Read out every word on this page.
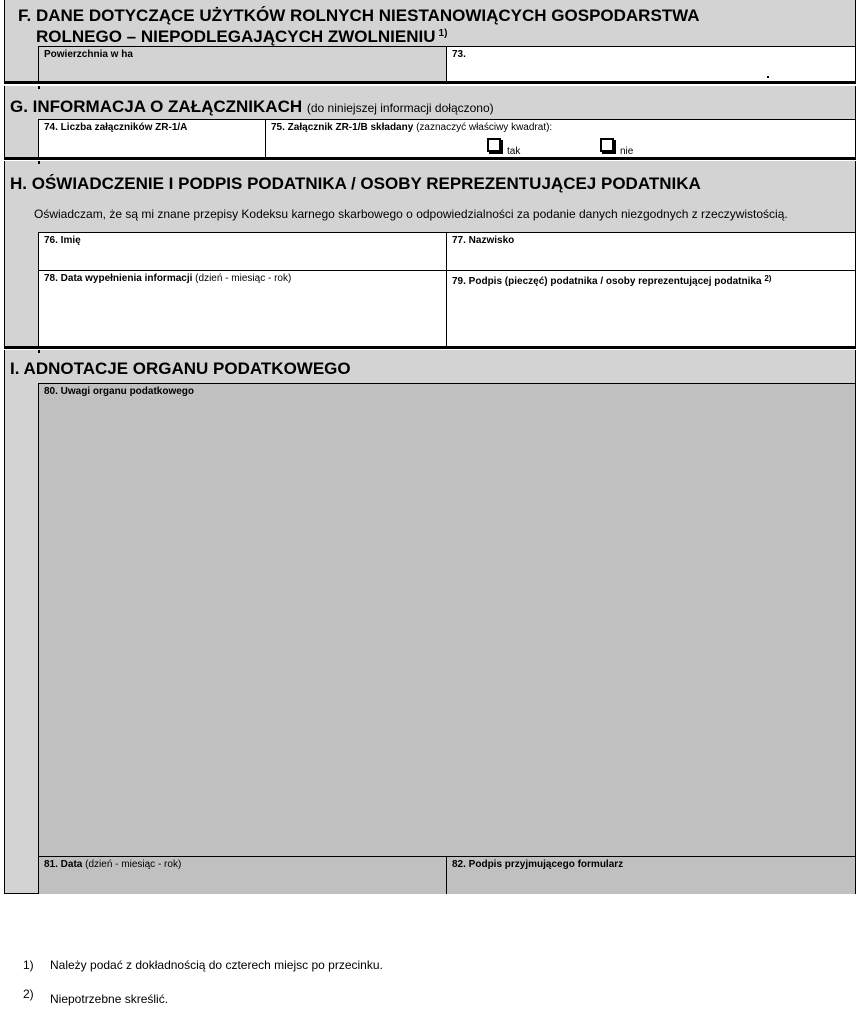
F. DANE DOTYCZĄCE UŻYTKÓW ROLNYCH NIESTANOWIĄCYCH GOSPODARSTWA
ROLNEGO – NIEPODLEGAJĄCYCH ZWOLNIENIU $^{1)}$
Powierzchnia w ha	73.
G. INFORMACJA O ZAŁĄCZNIKACH (do niniejszej informacji dołączono)
74. Liczba załączników ZR-1/A	75. Załącznik ZR-1/B składany (zaznaczyć właściwy kwadrat):
tak	nie
H. OŚWIADCZENIE I PODPIS PODATNIKA / OSOBY REPREZENTUJĄCEJ PODATNIKA
Oświadczam, że są mi znane przepisy Kodeksu karnego skarbowego o odpowiedzialności za podanie danych niezgodnych z rzeczywistością.
76. Imię	77. Nazwisko
78. Data wypełnienia informacji (dzień - miesiąc - rok)	79. Podpis (pieczęć) podatnika / osoby reprezentującej podatnika $^{2)}$
I. ADNOTACJE ORGANU PODATKOWEGO
80. Uwagi organu podatkowego
81. Data (dzień - miesiąc - rok)	82. Podpis przyjmującego formularz
1) Należy podać z dokładnością do czterech miejsc po przecinku.
2) Niepotrzebne skreślić.
